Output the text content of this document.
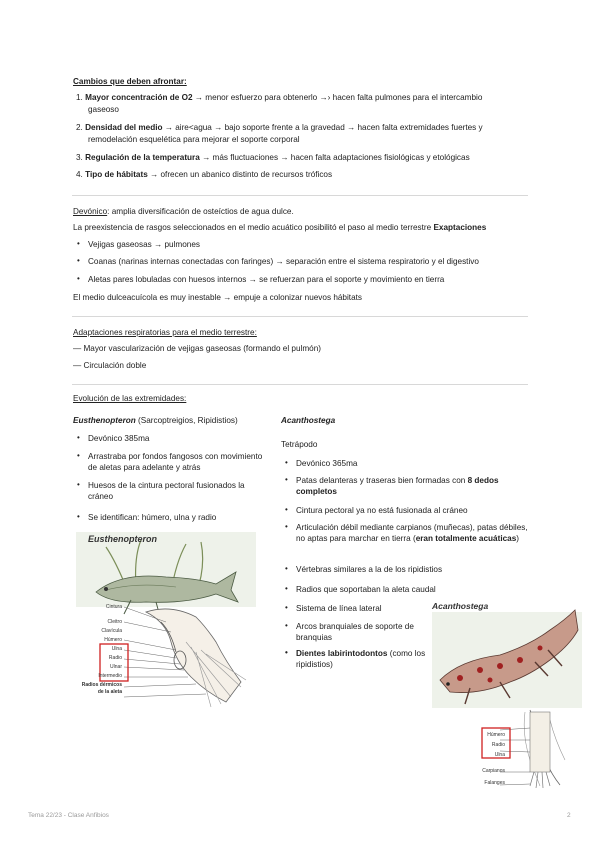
Cambios que deben afrontar:
1. Mayor concentración de O2 → menor esfuerzo para obtenerlo →› hacen falta pulmones para el intercambio
gaseoso
2. Densidad del medio → aire<agua → bajo soporte frente a la gravedad → hacen falta extremidades fuertes y
remodelación esquelética para mejorar el soporte corporal
3. Regulación de la temperatura → más fluctuaciones → hacen falta adaptaciones fisiológicas y etológicas
4. Tipo de hábitats → ofrecen un abanico distinto de recursos tróficos
Devónico: amplia diversificación de osteíctios de agua dulce.
La preexistencia de rasgos seleccionados en el medio acuático posibilitó el paso al medio terrestre Exaptaciones
• Vejigas gaseosas → pulmones
• Coanas (narinas internas conectadas con faringes) → separación entre el sistema respiratorio y el digestivo
• Aletas pares lobuladas con huesos internos → se refuerzan para el soporte y movimiento en tierra
El medio dulceacuícola es muy inestable → empuje a colonizar nuevos hábitats
Adaptaciones respiratorias para el medio terrestre:
— Mayor vascularización de vejigas gaseosas (formando el pulmón)
— Circulación doble
Evolución de las extremidades:
Eusthenopteron (Sarcoptreigios, Ripidistios)
• Devónico 385ma
• Arrastraba por fondos fangosos con movimiento de aletas para adelante y atrás
• Huesos de la cintura pectoral fusionados la cráneo
• Se identifican: húmero, ulna y radio
Eusthenopteron
Cintura
Cleitro
Clavícula
Húmero
Ulna
Radio
Ulnar
Intermedio
Radios dérmicos
de la aleta
Acanthostega
Tetrápodo
• Devónico 365ma
• Patas delanteras y traseras bien formadas con 8 dedos completos
• Cintura pectoral ya no está fusionada al cráneo
• Articulación débil mediante carpianos (muñecas), patas débiles, no aptas para marchar en tierra (eran totalmente acuáticas)
• Vértebras similares a la de los ripidistios
• Radios que soportaban la aleta caudal
• Sistema de línea lateral
• Arcos branquiales de soporte de branquias
• Dientes labirintodontos (como los ripidistios)
Acanthostega
Húmero
Radio
Ulna
Carpianos
Falanges
Tema 22/23 - Clase Anfibios	2
